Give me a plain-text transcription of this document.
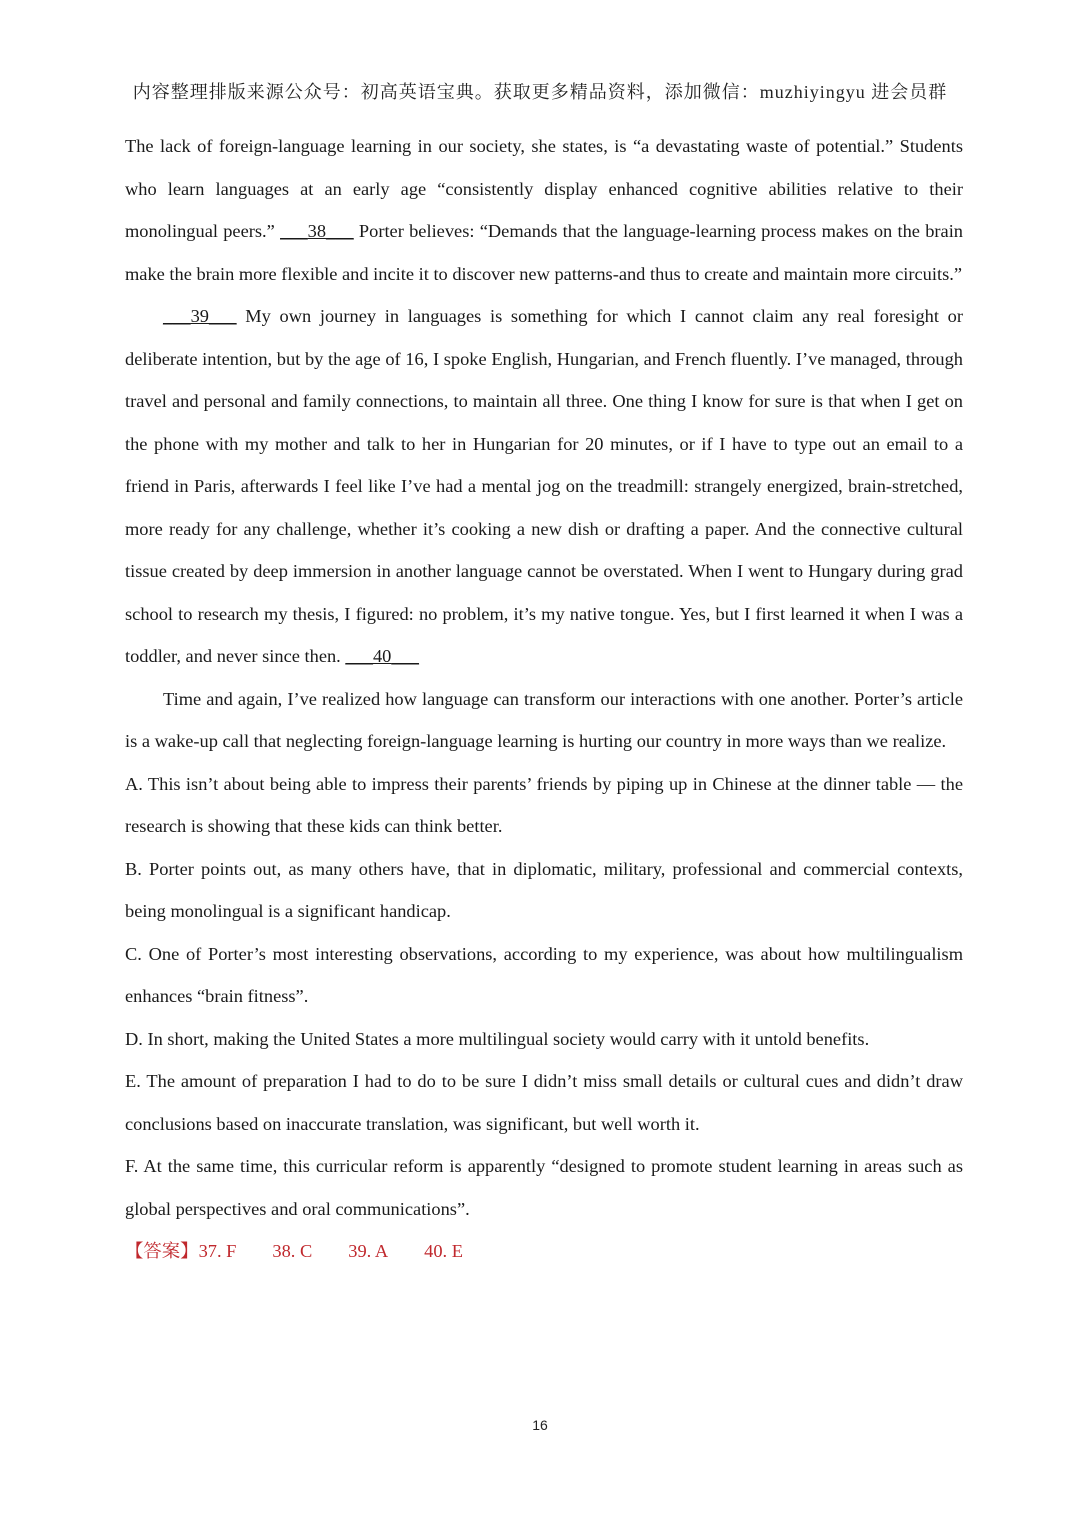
内容整理排版来源公众号：初高英语宝典。获取更多精品资料，添加微信：muzhiyingyu 进会员群

The lack of foreign-language learning in our society, she states, is “a devastating waste of potential.” Students who learn languages at an early age “consistently display enhanced cognitive abilities relative to their monolingual peers.” ___38___ Porter believes: “Demands that the language-learning process makes on the brain make the brain more flexible and incite it to discover new patterns-and thus to create and maintain more circuits.”

___39___ My own journey in languages is something for which I cannot claim any real foresight or deliberate intention, but by the age of 16, I spoke English, Hungarian, and French fluently. I’ve managed, through travel and personal and family connections, to maintain all three. One thing I know for sure is that when I get on the phone with my mother and talk to her in Hungarian for 20 minutes, or if I have to type out an email to a friend in Paris, afterwards I feel like I’ve had a mental jog on the treadmill: strangely energized, brain-stretched, more ready for any challenge, whether it’s cooking a new dish or drafting a paper. And the connective cultural tissue created by deep immersion in another language cannot be overstated. When I went to Hungary during grad school to research my thesis, I figured: no problem, it’s my native tongue. Yes, but I first learned it when I was a toddler, and never since then. ___40___

Time and again, I’ve realized how language can transform our interactions with one another. Porter’s article is a wake-up call that neglecting foreign-language learning is hurting our country in more ways than we realize.

A. This isn’t about being able to impress their parents’ friends by piping up in Chinese at the dinner table — the research is showing that these kids can think better.

B. Porter points out, as many others have, that in diplomatic, military, professional and commercial contexts, being monolingual is a significant handicap.

C. One of Porter’s most interesting observations, according to my experience, was about how multilingualism enhances “brain fitness”.

D. In short, making the United States a more multilingual society would carry with it untold benefits.

E. The amount of preparation I had to do to be sure I didn’t miss small details or cultural cues and didn’t draw conclusions based on inaccurate translation, was significant, but well worth it.

F. At the same time, this curricular reform is apparently “designed to promote student learning in areas such as global perspectives and oral communications”.

【答案】37. F 38. C 39. A 40. E

16
